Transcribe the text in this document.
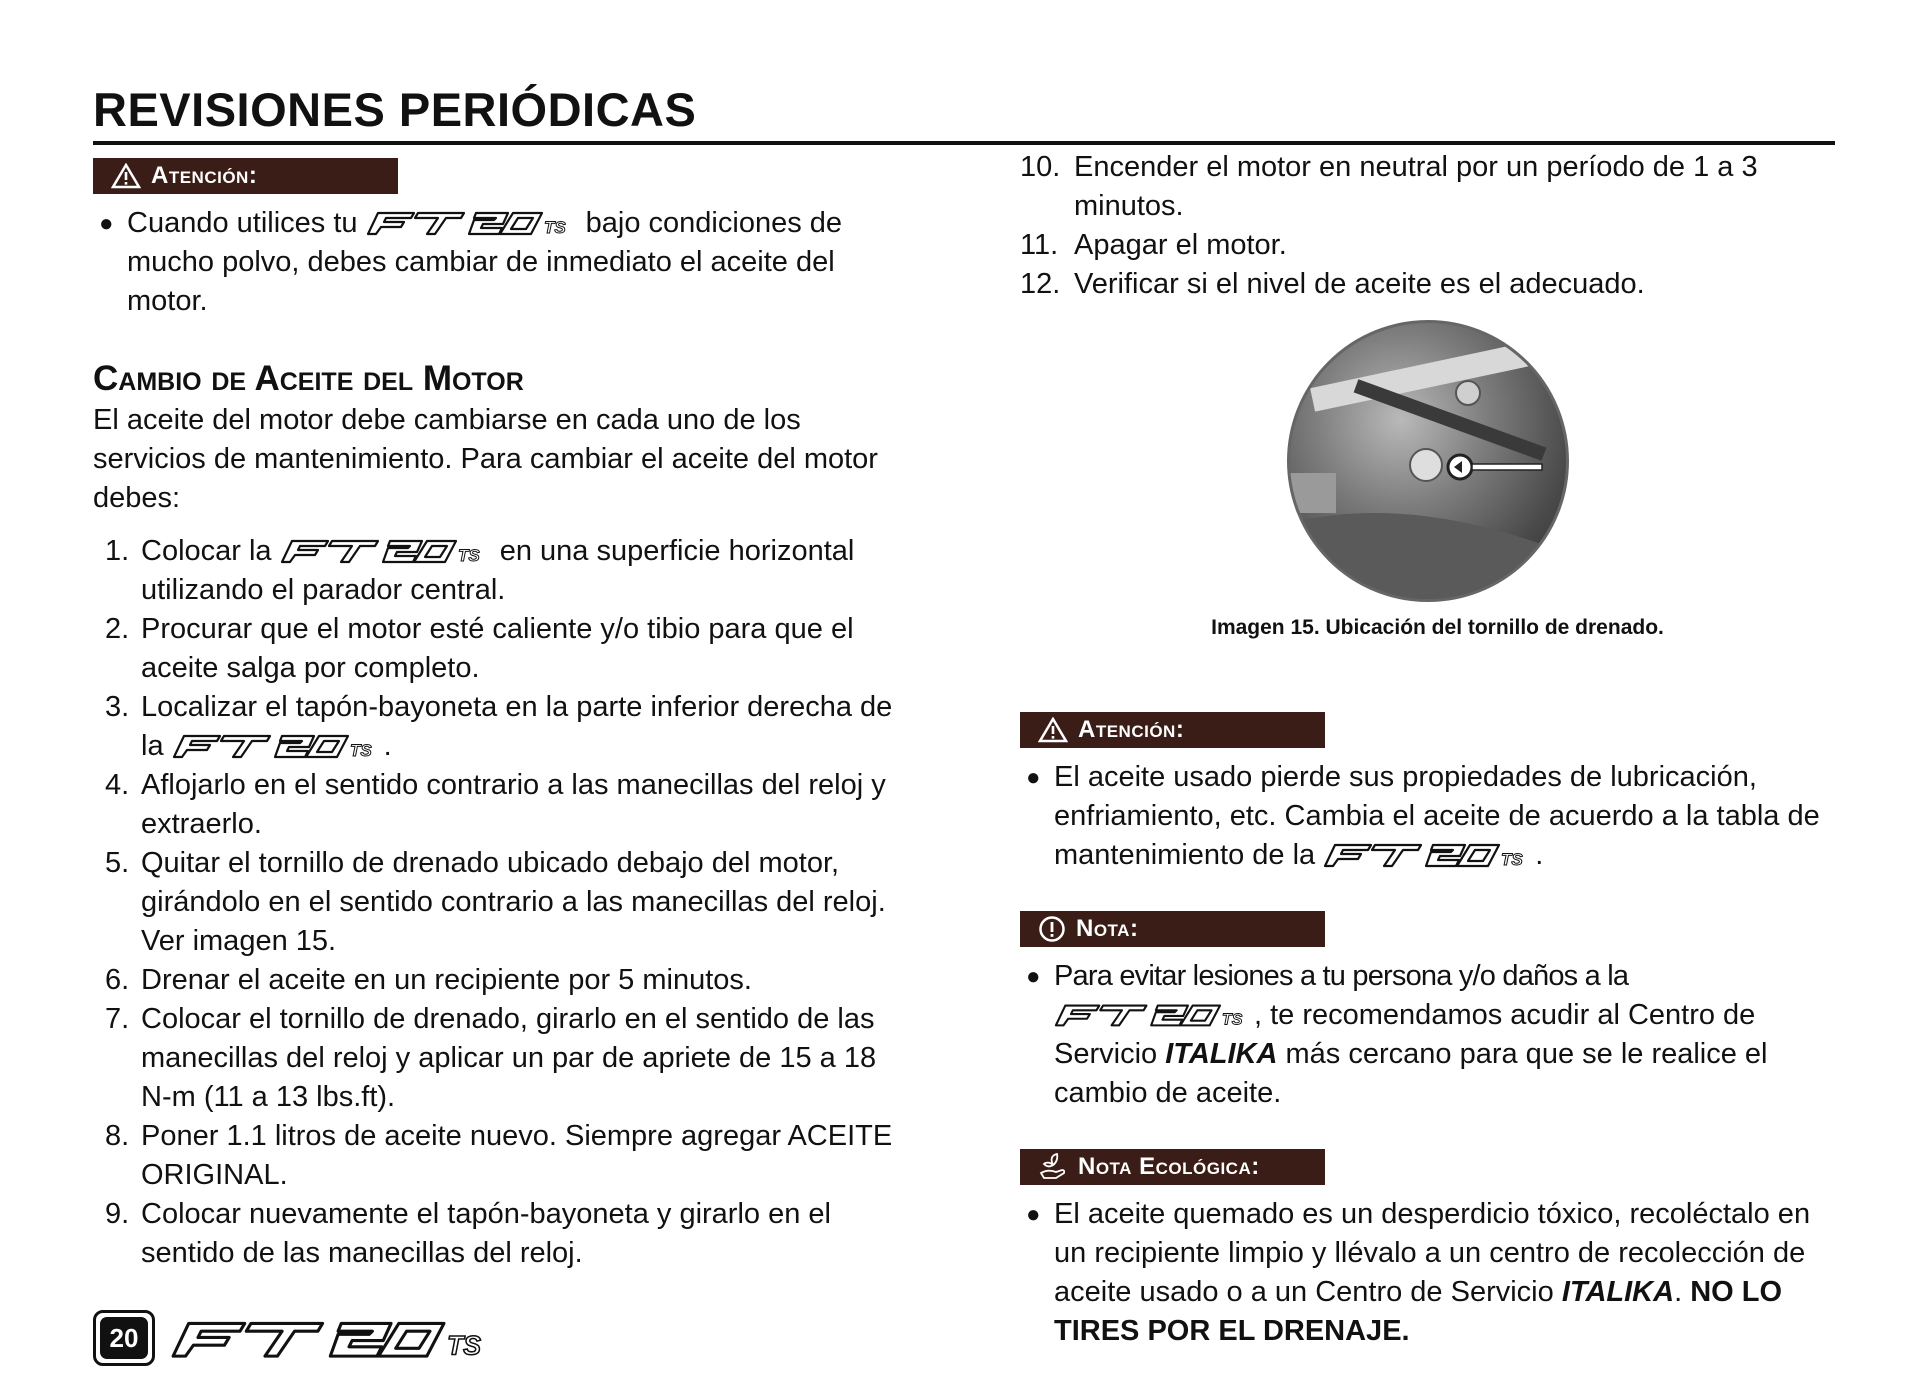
REVISIONES PERIÓDICAS
Atención:
● Cuando utilices tu	TS bajo condiciones de mucho polvo, debes cambiar de inmediato el aceite del motor.
Cambio de Aceite del Motor
El aceite del motor debe cambiarse en cada uno de los servicios de mantenimiento. Para cambiar el aceite del motor debes:
1. Colocar la	TS en una superficie horizontal utilizando el parador central.
2. Procurar que el motor esté caliente y/o tibio para que el aceite salga por completo.
3. Localizar el tapón-bayoneta en la parte inferior derecha de la	TS .
4. Aflojarlo en el sentido contrario a las manecillas del reloj y extraerlo.
5. Quitar el tornillo de drenado ubicado debajo del motor, girándolo en el sentido contrario a las manecillas del reloj. Ver imagen 15.
6. Drenar el aceite en un recipiente por 5 minutos.
7. Colocar el tornillo de drenado, girarlo en el sentido de las manecillas del reloj y aplicar un par de apriete de 15 a 18 N-m (11 a 13 lbs.ft).
8. Poner 1.1 litros de aceite nuevo. Siempre agregar ACEITE ORIGINAL.
9. Colocar nuevamente el tapón-bayoneta y girarlo en el sentido de las manecillas del reloj.
10. Encender el motor en neutral por un período de 1 a 3 minutos.
11. Apagar el motor.
12. Verificar si el nivel de aceite es el adecuado.
Imagen 15. Ubicación del tornillo de drenado.
Atención:
● El aceite usado pierde sus propiedades de lubricación, enfriamiento, etc. Cambia el aceite de acuerdo a la tabla de mantenimiento de la	TS .
Nota:
● Para evitar lesiones a tu persona y/o daños a la
TS , te recomendamos acudir al Centro de Servicio ITALIKA más cercano para que se le realice el cambio de aceite.
Nota Ecológica:
● El aceite quemado es un desperdicio tóxico, recoléctalo en un recipiente limpio y llévalo a un centro de recolección de aceite usado o a un Centro de Servicio ITALIKA. NO LO TIRES POR EL DRENAJE.
20	TS
